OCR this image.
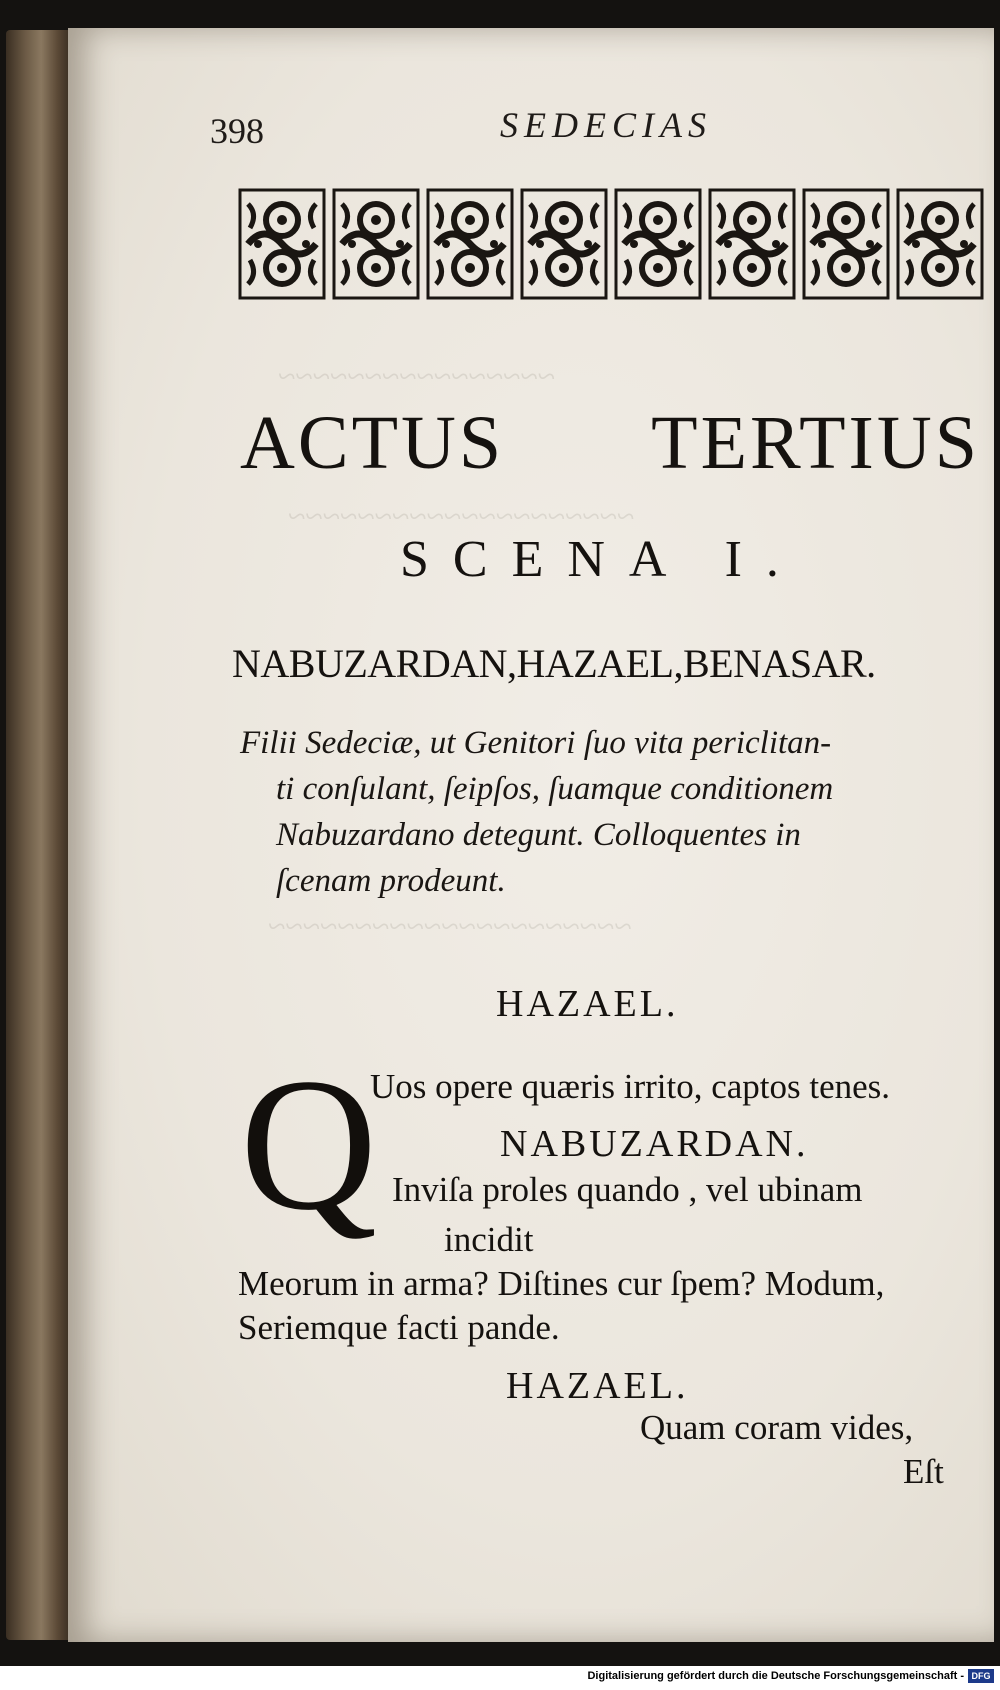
~~~~~~~~~~~~~~~~
~~~~~~~~~~~~~~~~~~~~
~~~~~~~~~~~~~~~~~~~~~
398	SEDECIAS
ACTUS TERTIUS
SCENA I.
NABUZARDAN,HAZAEL,BENASAR.
Filii Sedeciæ, ut Genitori ſuo vita periclitan-
ti conſulant, ſeipſos, ſuamque conditionem
Nabuzardano detegunt. Colloquentes in
ſcenam prodeunt.
HAZAEL.
Q
Uos opere quæris irrito, captos tenes.
NABUZARDAN.
Inviſa proles quando , vel ubinam
incidit
Meorum in arma? Diſtines cur ſpem? Modum,
Seriemque facti pande.
HAZAEL.
Quam coram vides,
Eſt
Digitalisierung gefördert durch die Deutsche Forschungsgemeinschaft - DFG
